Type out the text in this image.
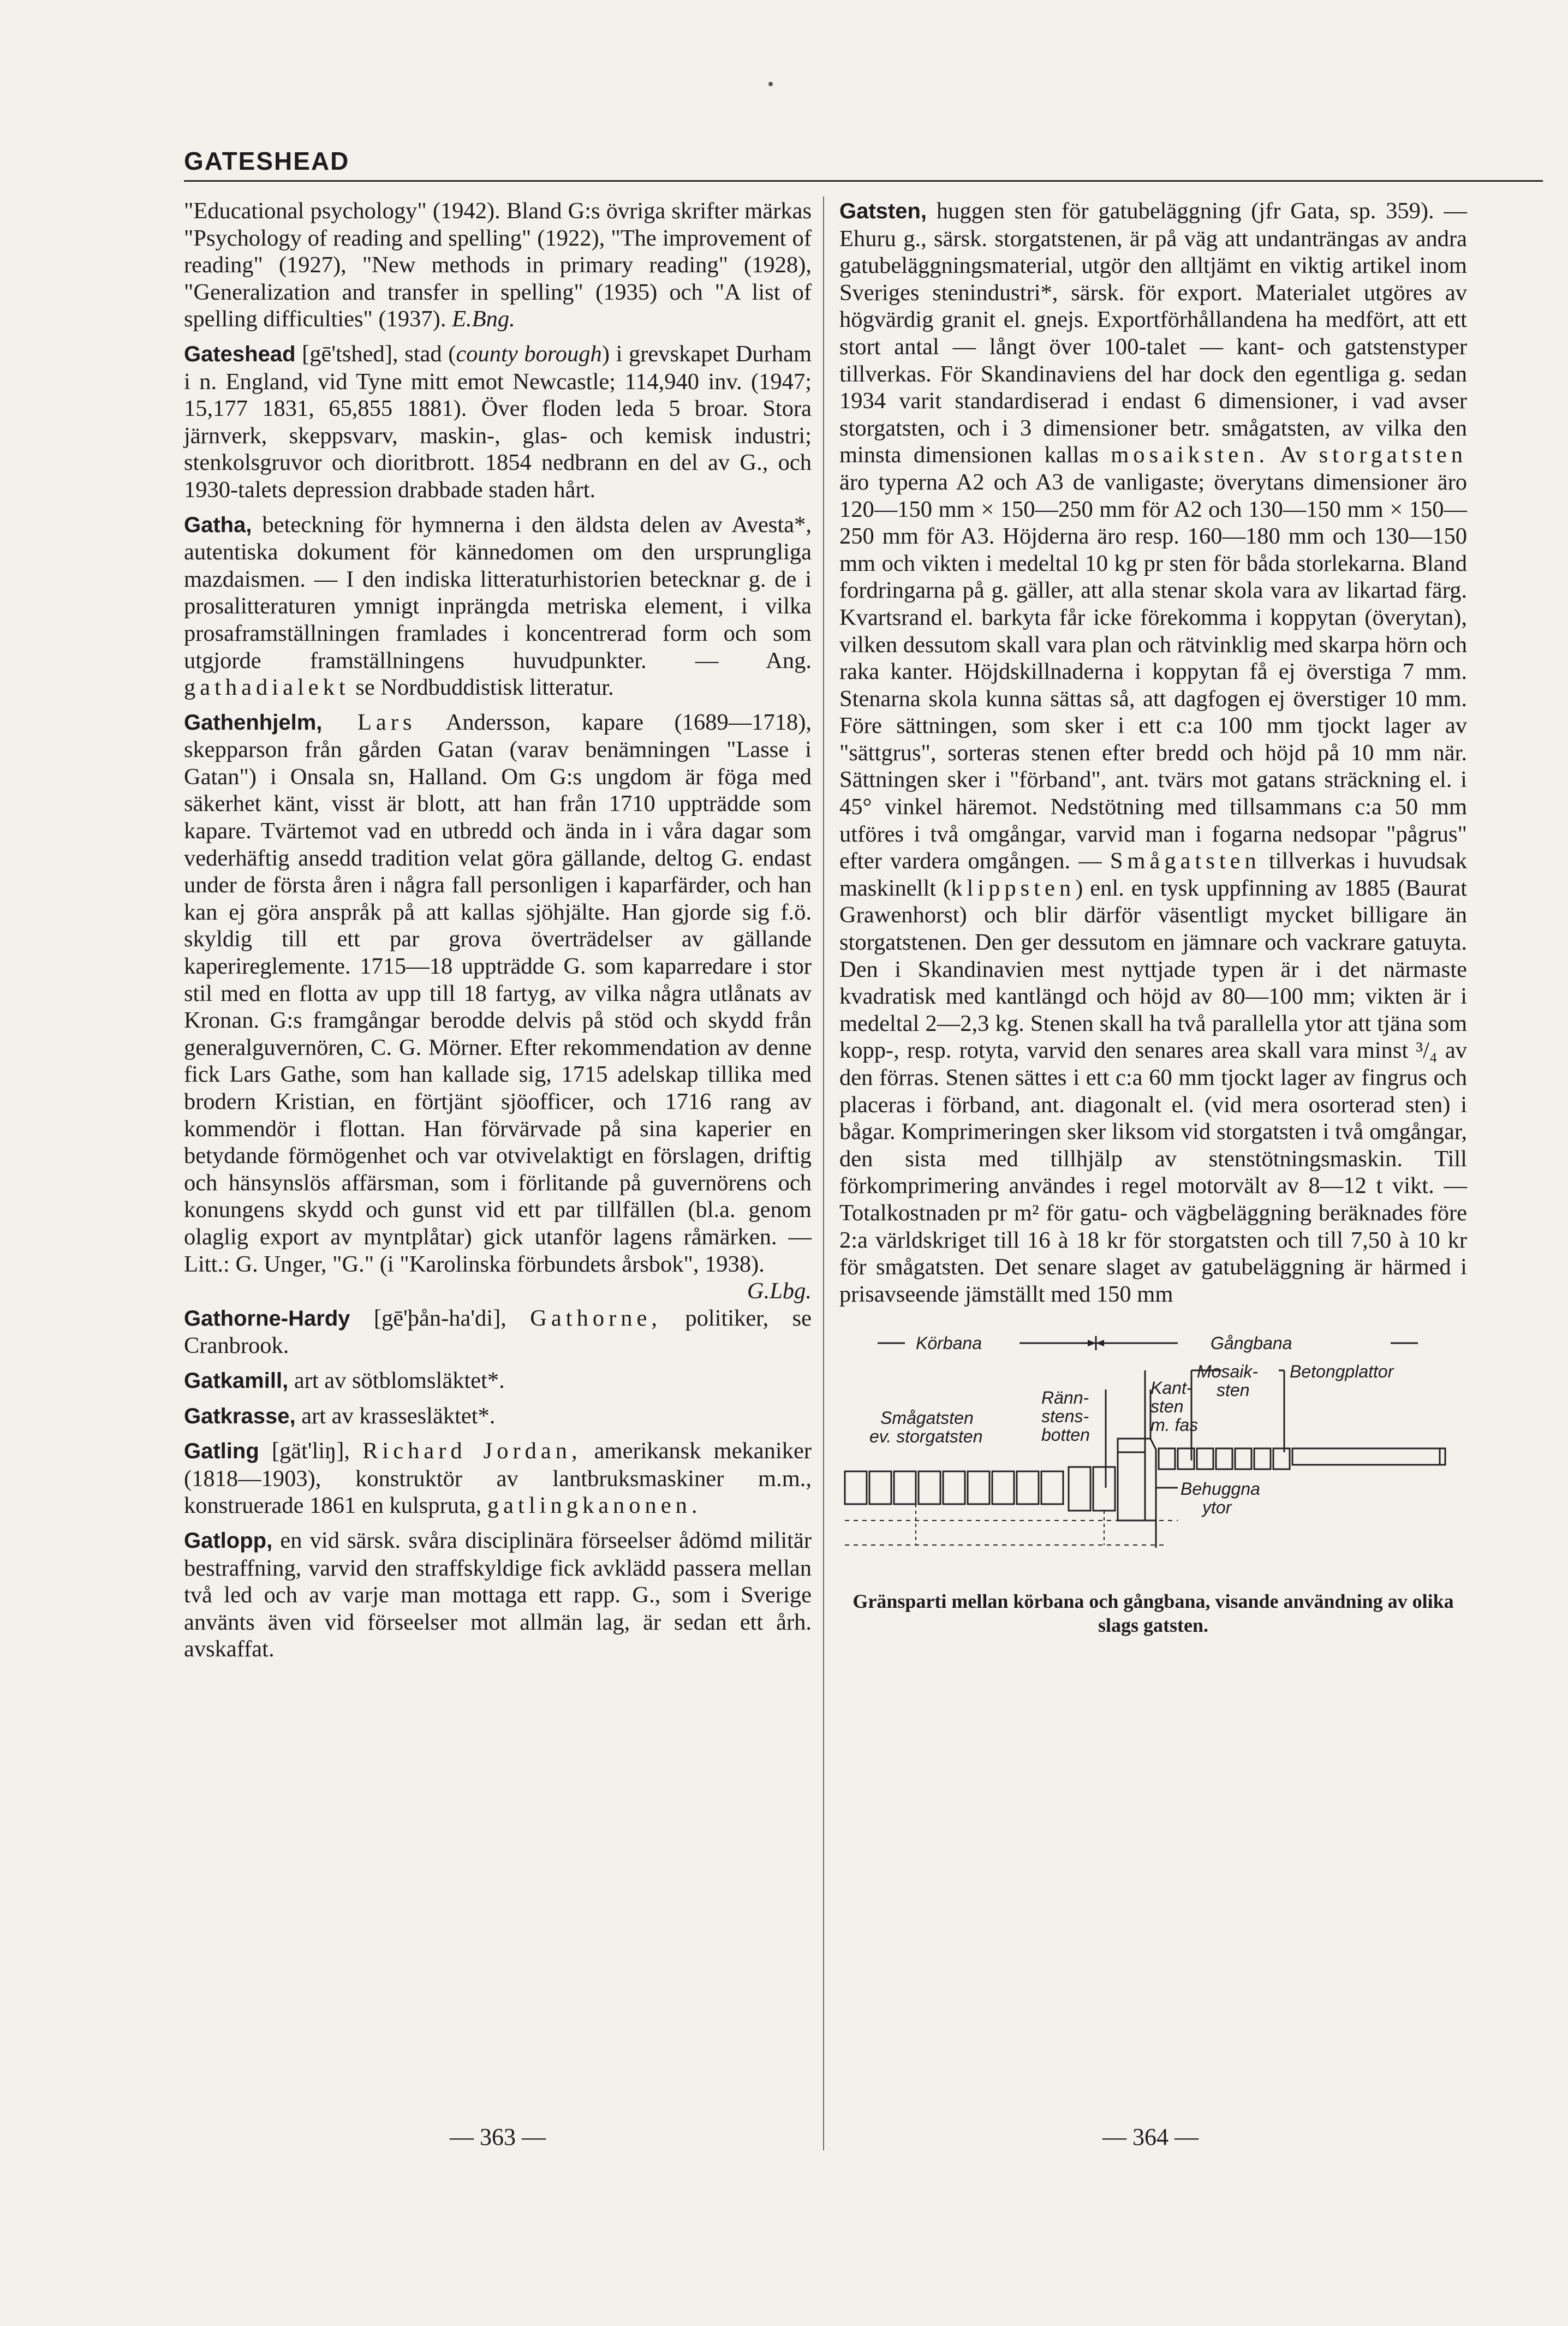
GATESHEAD

"Educational psychology" (1942). Bland G:s övriga skrifter märkas "Psychology of reading and spelling" (1922), "The improvement of reading" (1927), "New methods in primary reading" (1928), "Generalization and transfer in spelling" (1935) och "A list of spelling difficulties" (1937). E.Bng.

Gateshead [gē'tshed], stad (county borough) i grevskapet Durham i n. England, vid Tyne mitt emot Newcastle; 114,940 inv. (1947; 15,177 1831, 65,855 1881). Över floden leda 5 broar. Stora järnverk, skeppsvarv, maskin-, glas- och kemisk industri; stenkolsgruvor och dioritbrott. 1854 nedbrann en del av G., och 1930-talets depression drabbade staden hårt.

Gatha, beteckning för hymnerna i den äldsta delen av Avesta*, autentiska dokument för kännedomen om den ursprungliga mazdaismen. — I den indiska litteraturhistorien betecknar g. de i prosalitteraturen ymnigt inprängda metriska element, i vilka prosaframställningen framlades i koncentrerad form och som utgjorde framställningens huvudpunkter. — Ang. gathadialekt se Nordbuddistisk litteratur.

Gathenhjelm, Lars Andersson, kapare (1689—1718), skepparson från gården Gatan (varav benämningen "Lasse i Gatan") i Onsala sn, Halland. Om G:s ungdom är föga med säkerhet känt, visst är blott, att han från 1710 uppträdde som kapare. Tvärtemot vad en utbredd och ända in i våra dagar som vederhäftig ansedd tradition velat göra gällande, deltog G. endast under de första åren i några fall personligen i kaparfärder, och han kan ej göra anspråk på att kallas sjöhjälte. Han gjorde sig f.ö. skyldig till ett par grova överträdelser av gällande kaperireglemente. 1715—18 uppträdde G. som kaparredare i stor stil med en flotta av upp till 18 fartyg, av vilka några utlånats av Kronan. G:s framgångar berodde delvis på stöd och skydd från generalguvernören, C. G. Mörner. Efter rekommendation av denne fick Lars Gathe, som han kallade sig, 1715 adelskap tillika med brodern Kristian, en förtjänt sjöofficer, och 1716 rang av kommendör i flottan. Han förvärvade på sina kaperier en betydande förmögenhet och var otvivelaktigt en förslagen, driftig och hänsynslös affärsman, som i förlitande på guvernörens och konungens skydd och gunst vid ett par tillfällen (bl.a. genom olaglig export av myntplåtar) gick utanför lagens råmärken. — Litt.: G. Unger, "G." (i "Karolinska förbundets årsbok", 1938).
G.Lbg.

Gathorne-Hardy [gē'þån-ha'di], Gathorne, politiker, se Cranbrook.

Gatkamill, art av sötblomsläktet*.

Gatkrasse, art av krassesläktet*.

Gatling [gät'liŋ], Richard Jordan, amerikansk mekaniker (1818—1903), konstruktör av lantbruksmaskiner m.m., konstruerade 1861 en kulspruta, gatlingkanonen.

Gatlopp, en vid särsk. svåra disciplinära förseelser ådömd militär bestraffning, varvid den straffskyldige fick avklädd passera mellan två led och av varje man mottaga ett rapp. G., som i Sverige använts även vid förseelser mot allmän lag, är sedan ett årh. avskaffat.

Gatsten, huggen sten för gatubeläggning (jfr Gata, sp. 359). — Ehuru g., särsk. storgatstenen, är på väg att undanträngas av andra gatubeläggningsmaterial, utgör den alltjämt en viktig artikel inom Sveriges stenindustri*, särsk. för export. Materialet utgöres av högvärdig granit el. gnejs. Exportförhållandena ha medfört, att ett stort antal — långt över 100-talet — kant- och gatstenstyper tillverkas. För Skandinaviens del har dock den egentliga g. sedan 1934 varit standardiserad i endast 6 dimensioner, i vad avser storgatsten, och i 3 dimensioner betr. smågatsten, av vilka den minsta dimensionen kallas mosaiksten. Av storgatsten äro typerna A2 och A3 de vanligaste; överytans dimensioner äro 120—150 mm × 150—250 mm för A2 och 130—150 mm × 150—250 mm för A3. Höjderna äro resp. 160—180 mm och 130—150 mm och vikten i medeltal 10 kg pr sten för båda storlekarna. Bland fordringarna på g. gäller, att alla stenar skola vara av likartad färg. Kvartsrand el. barkyta får icke förekomma i koppytan (överytan), vilken dessutom skall vara plan och rätvinklig med skarpa hörn och raka kanter. Höjdskillnaderna i koppytan få ej överstiga 7 mm. Stenarna skola kunna sättas så, att dagfogen ej överstiger 10 mm. Före sättningen, som sker i ett c:a 100 mm tjockt lager av "sättgrus", sorteras stenen efter bredd och höjd på 10 mm när. Sättningen sker i "förband", ant. tvärs mot gatans sträckning el. i 45° vinkel häremot. Nedstötning med tillsammans c:a 50 mm utföres i två omgångar, varvid man i fogarna nedsopar "pågrus" efter vardera omgången. — Smågatsten tillverkas i huvudsak maskinellt (klippsten) enl. en tysk uppfinning av 1885 (Baurat Grawenhorst) och blir därför väsentligt mycket billigare än storgatstenen. Den ger dessutom en jämnare och vackrare gatuyta. Den i Skandinavien mest nyttjade typen är i det närmaste kvadratisk med kantlängd och höjd av 80—100 mm; vikten är i medeltal 2—2,3 kg. Stenen skall ha två parallella ytor att tjäna som kopp-, resp. rotyta, varvid den senares area skall vara minst ³/₄ av den förras. Stenen sättes i ett c:a 60 mm tjockt lager av fingrus och placeras i förband, ant. diagonalt el. (vid mera osorterad sten) i bågar. Komprimeringen sker liksom vid storgatsten i två omgångar, den sista med tillhjälp av stenstötningsmaskin. Till förkomprimering användes i regel motorvält av 8—12 t vikt. — Totalkostnaden pr m² för gatu- och vägbeläggning beräknades före 2:a världskriget till 16 à 18 kr för storgatsten och till 7,50 à 10 kr för smågatsten. Det senare slaget av gatubeläggning är härmed i prisavseende jämställt med 150 mm

Körbana	Gångbana
Kant-
sten
m. fas
Mosaik-
sten
Betongplattor
Smågatsten
ev. storgatsten
Ränn-
stens-
botten
Behuggna
ytor
Gränsparti mellan körbana och gångbana, visande användning av olika slags gatsten.
— 363 —	— 364 —
